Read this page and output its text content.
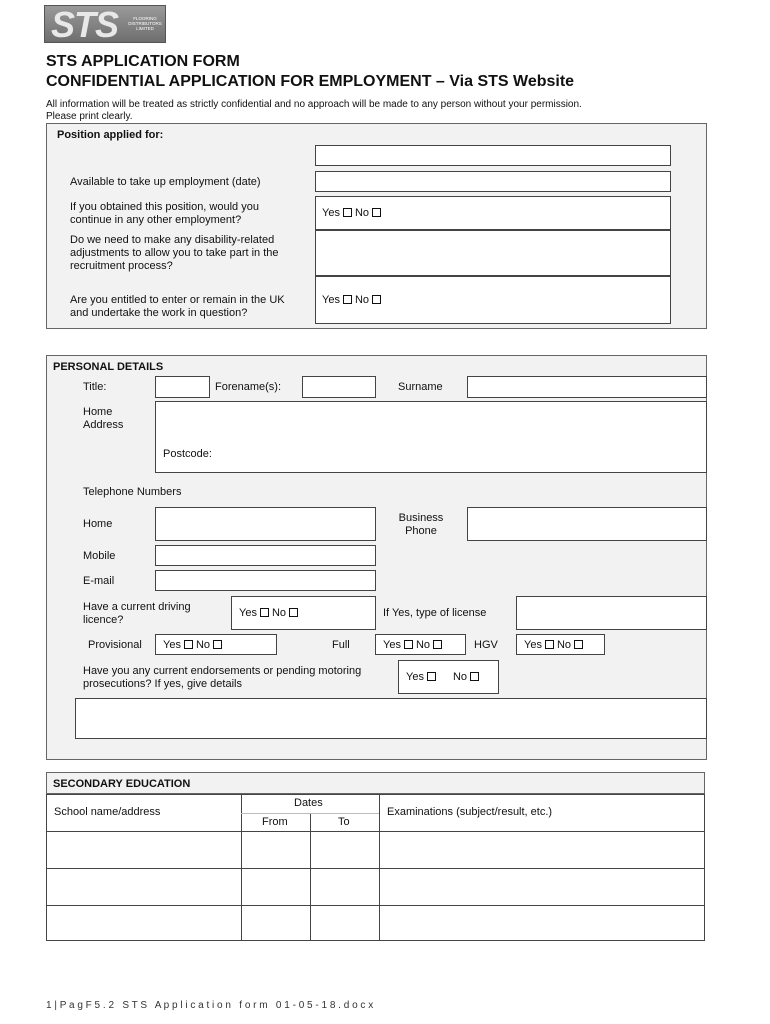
STS	FLOORING DISTRIBUTORS LIMITED
STS APPLICATION FORM
CONFIDENTIAL APPLICATION FOR EMPLOYMENT – Via STS Website
All information will be treated as strictly confidential and no approach will be made to any person without your permission.
Please print clearly.
Position applied for:
Available to take up employment (date)
If you obtained this position, would you continue in any other employment?
Yes No
Do we need to make any disability-related adjustments to allow you to take part in the recruitment process?
Are you entitled to enter or remain in the UK and undertake the work in question?
Yes No
PERSONAL DETAILS
Title:	Forename(s):	Surname
Home Address
Postcode:
Telephone Numbers
Home	Business Phone
Mobile
E-mail
Have a current driving licence?
Yes No	If Yes, type of license
Provisional Yes No	Full	Yes No	HGV Yes No
Have you any current endorsements or pending motoring prosecutions? If yes, give details
Yes	No
SECONDARY EDUCATION
School name/address
Dates
From	To
Examinations (subject/result, etc.)
1 | P a g F 5 . 2   S T S   A p p l i c a t i o n   f o r m   0 1 - 0 5 - 1 8 . d o c x
